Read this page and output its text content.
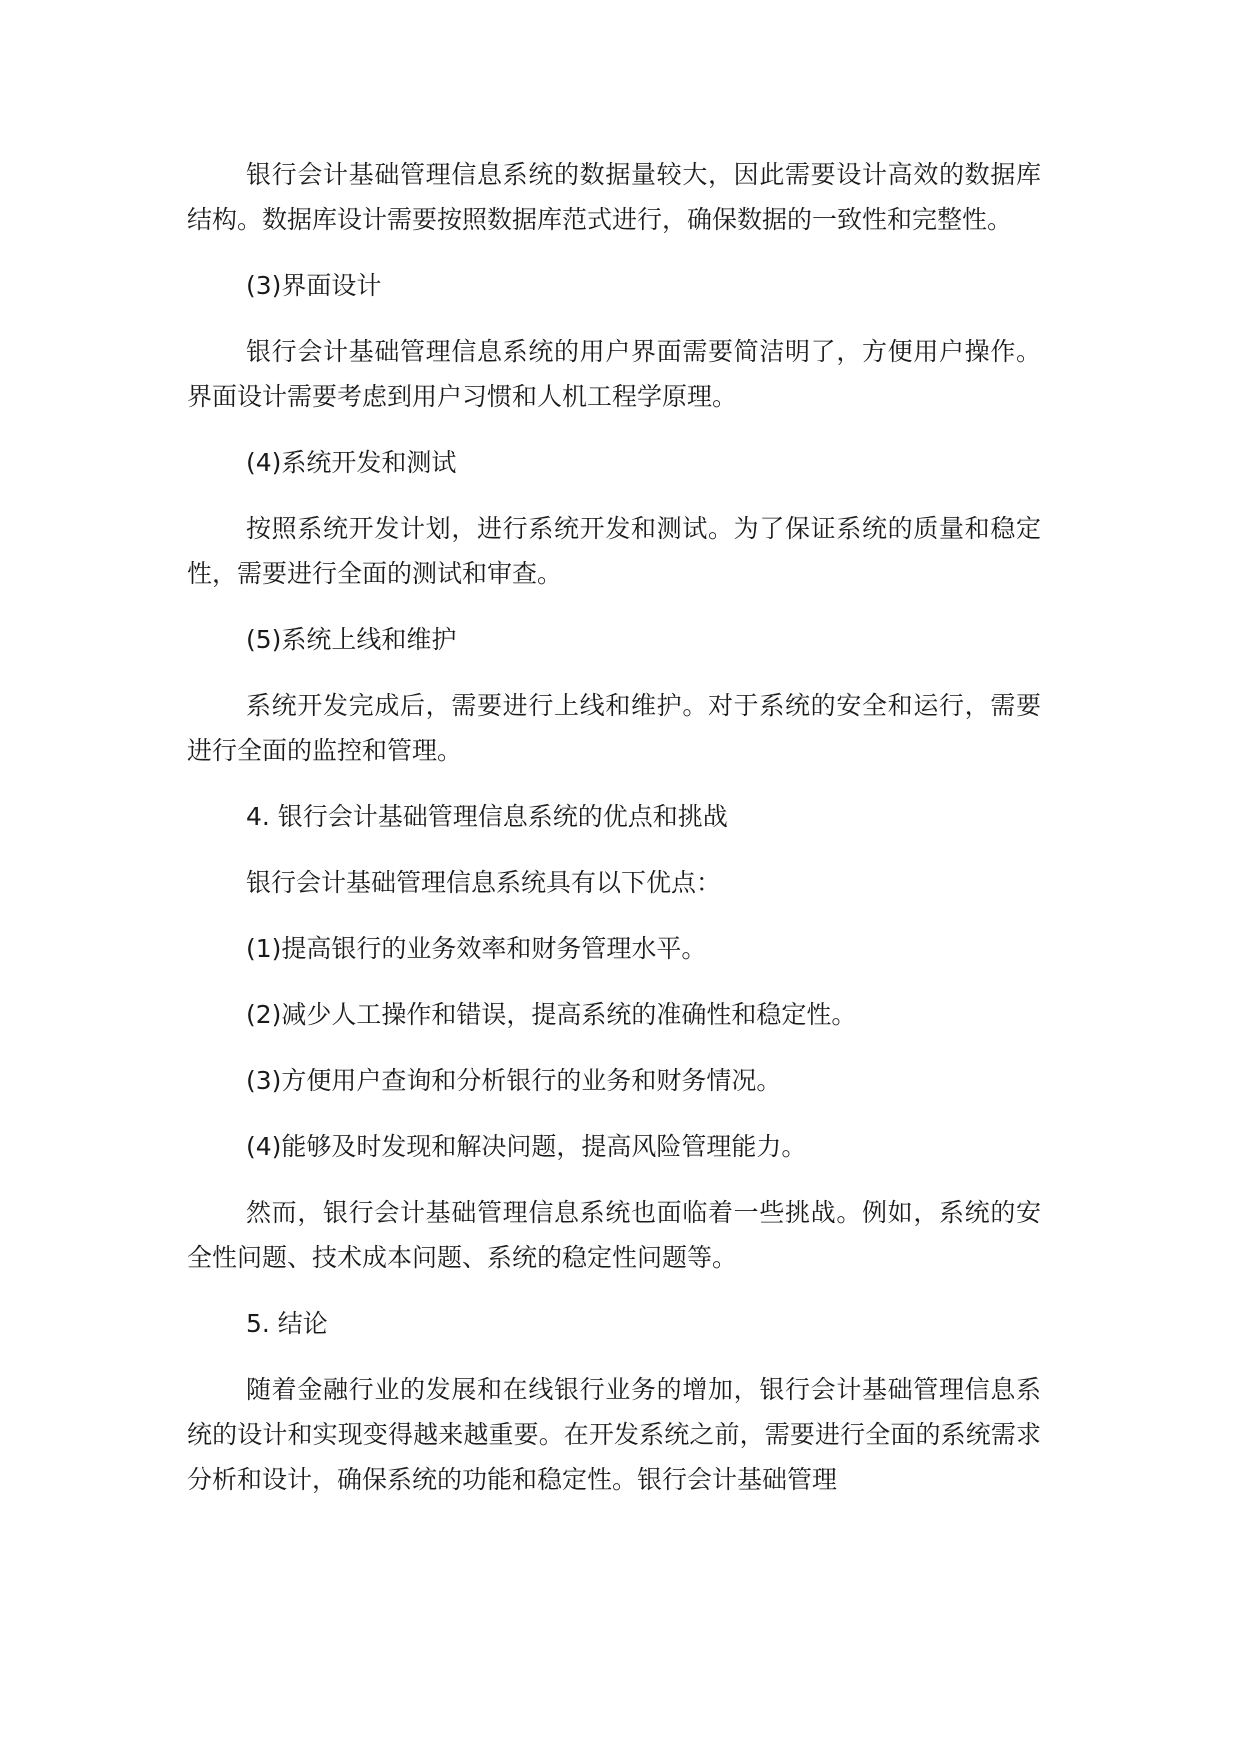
银行会计基础管理信息系统的数据量较大，因此需要设计高效的数据库结构。数据库设计需要按照数据库范式进行，确保数据的一致性和完整性。

(3)界面设计

银行会计基础管理信息系统的用户界面需要简洁明了，方便用户操作。界面设计需要考虑到用户习惯和人机工程学原理。

(4)系统开发和测试

按照系统开发计划，进行系统开发和测试。为了保证系统的质量和稳定性，需要进行全面的测试和审查。

(5)系统上线和维护

系统开发完成后，需要进行上线和维护。对于系统的安全和运行，需要进行全面的监控和管理。

4. 银行会计基础管理信息系统的优点和挑战

银行会计基础管理信息系统具有以下优点：

(1)提高银行的业务效率和财务管理水平。

(2)减少人工操作和错误，提高系统的准确性和稳定性。

(3)方便用户查询和分析银行的业务和财务情况。

(4)能够及时发现和解决问题，提高风险管理能力。

然而，银行会计基础管理信息系统也面临着一些挑战。例如，系统的安全性问题、技术成本问题、系统的稳定性问题等。

5. 结论

随着金融行业的发展和在线银行业务的增加，银行会计基础管理信息系统的设计和实现变得越来越重要。在开发系统之前，需要进行全面的系统需求分析和设计，确保系统的功能和稳定性。银行会计基础管理
